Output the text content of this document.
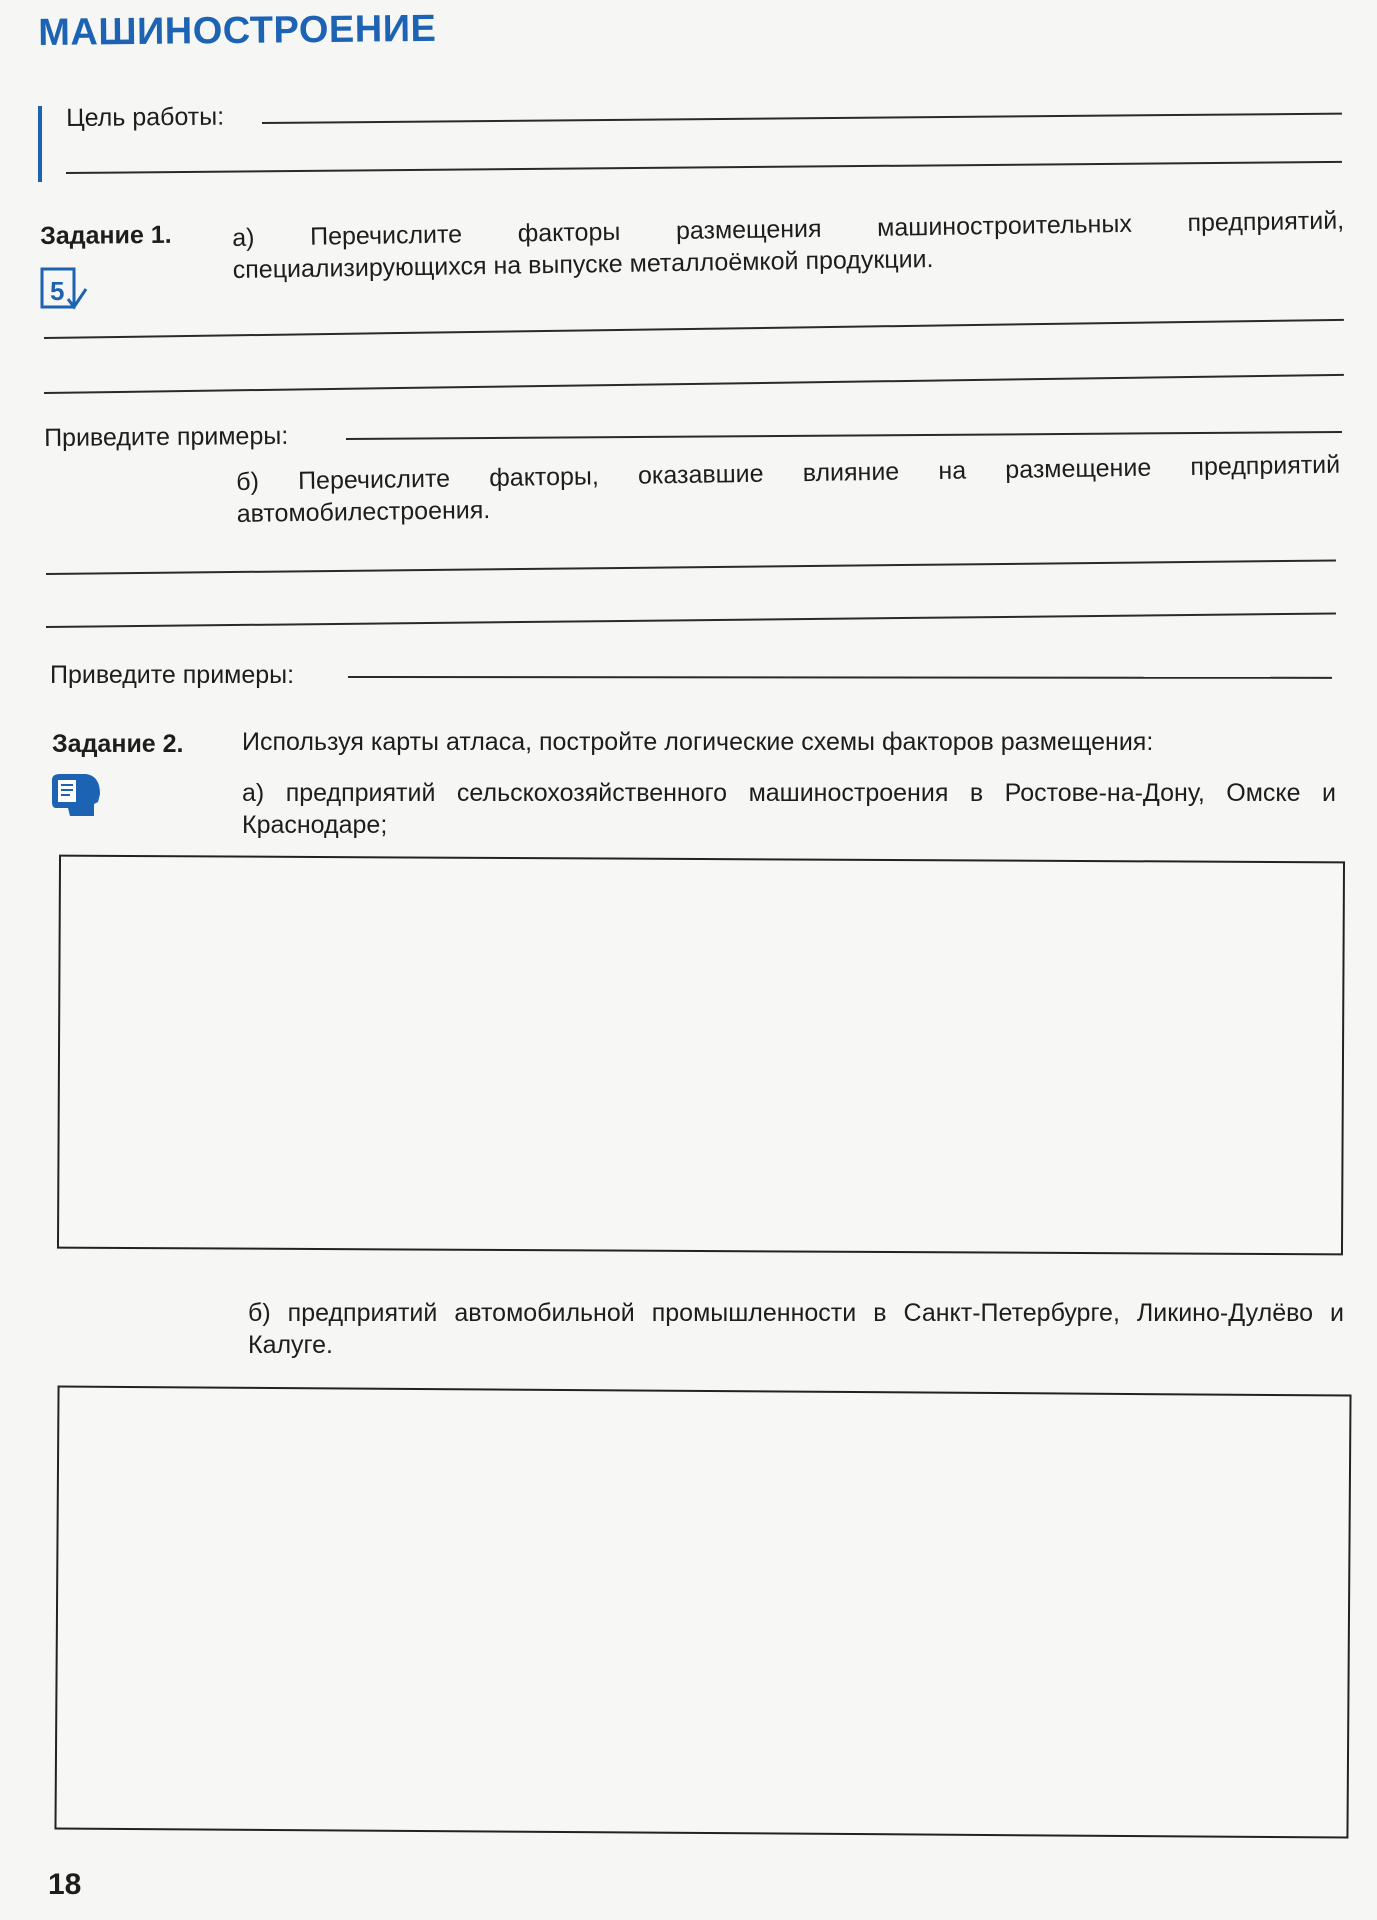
МАШИНОСТРОЕНИЕ
Цель работы:
Задание 1.
5
а) Перечислите факторы размещения машиностроительных предприятий, специализирующихся на выпуске металлоёмкой продукции.
Приведите примеры:
б) Перечислите факторы, оказавшие влияние на размещение предприятий автомобилестроения.
Приведите примеры:
Задание 2. Используя карты атласа, постройте логические схемы факторов размещения:
а) предприятий сельскохозяйственного машиностроения в Ростове-на-Дону, Омске и Краснодаре;
б) предприятий автомобильной промышленности в Санкт-Петербурге, Ликино-Дулёво и Калуге.
18
